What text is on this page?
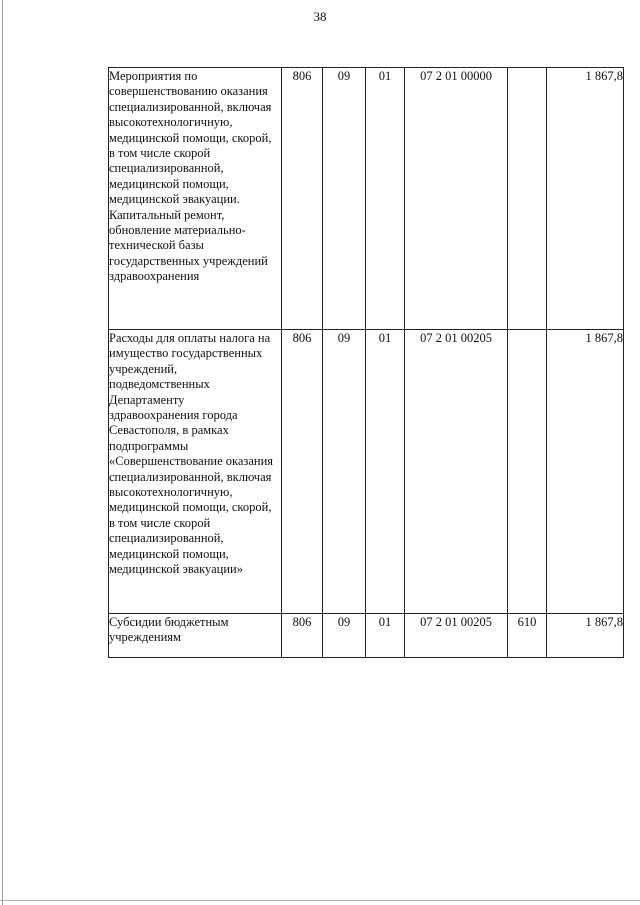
38
Мероприятия по совершенствованию оказания специализированной, включая высокотехнологичную, медицинской помощи, скорой, в том числе скорой специализированной, медицинской помощи, медицинской эвакуации. Капитальный ремонт, обновление материально-технической базы государственных учреждений здравоохранения	806	09	01	07 2 01 00000		1 867,8
Расходы для оплаты налога на имущество государственных учреждений, подведомственных Департаменту здравоохранения города Севастополя, в рамках подпрограммы «Совершенствование оказания специализированной, включая высокотехнологичную, медицинской помощи, скорой, в том числе скорой специализированной, медицинской помощи, медицинской эвакуации»	806	09	01	07 2 01 00205		1 867,8
Субсидии бюджетным учреждениям	806	09	01	07 2 01 00205	610	1 867,8
